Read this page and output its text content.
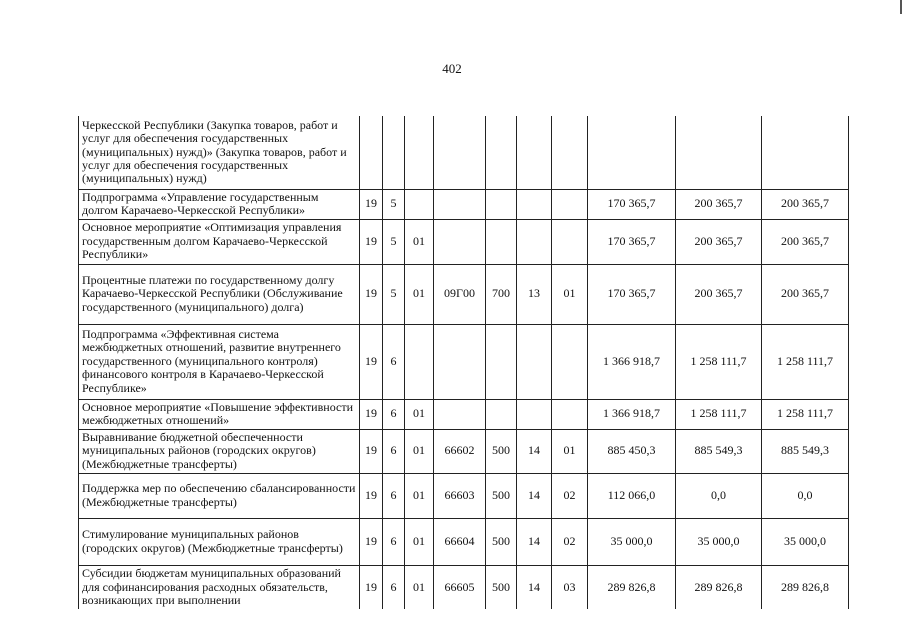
402
Черкесской Республики (Закупка товаров, работ и услуг для обеспечения государственных (муниципальных) нужд)» (Закупка товаров, работ и услуг для обеспечения государственных (муниципальных) нужд)										
Подпрограмма «Управление государственным долгом Карачаево-Черкесской Республики»	19	5						170 365,7	200 365,7	200 365,7
Основное мероприятие «Оптимизация управления государственным долгом Карачаево-Черкесской Республики»	19	5	01					170 365,7	200 365,7	200 365,7
Процентные платежи по государственному долгу Карачаево-Черкесской Республики (Обслуживание государственного (муниципального) долга)	19	5	01	09Г00	700	13	01	170 365,7	200 365,7	200 365,7
Подпрограмма «Эффективная система межбюджетных отношений, развитие внутреннего государственного (муниципального контроля) финансового контроля в Карачаево-Черкесской Республике»	19	6						1 366 918,7	1 258 111,7	1 258 111,7
Основное мероприятие «Повышение эффективности межбюджетных отношений»	19	6	01					1 366 918,7	1 258 111,7	1 258 111,7
Выравнивание бюджетной обеспеченности муниципальных районов (городских округов) (Межбюджетные трансферты)	19	6	01	66602	500	14	01	885 450,3	885 549,3	885 549,3
Поддержка мер по обеспечению сбалансированности (Межбюджетные трансферты)	19	6	01	66603	500	14	02	112 066,0	0,0	0,0
Стимулирование муниципальных районов (городских округов) (Межбюджетные трансферты)	19	6	01	66604	500	14	02	35 000,0	35 000,0	35 000,0
Субсидии бюджетам муниципальных образований для софинансирования расходных обязательств, возникающих при выполнении	19	6	01	66605	500	14	03	289 826,8	289 826,8	289 826,8
